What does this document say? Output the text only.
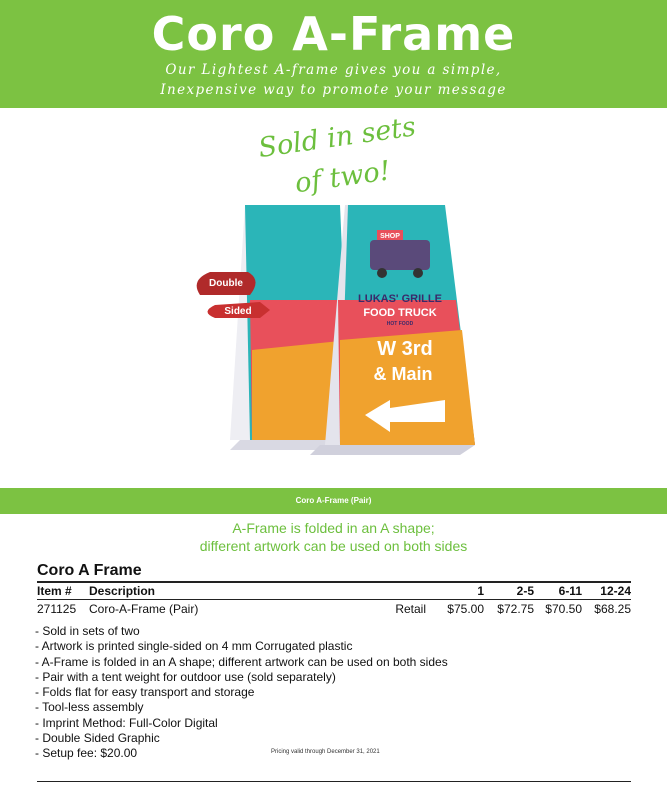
Coro A-Frame
Our Lightest A-frame gives you a simple,
Inexpensive way to promote your message
Sold in sets
of two!
SHOP
LUKAS' GRILLE
FOOD TRUCK
HOT FOOD
W 3rd
& Main
Double
Sided
Coro A-Frame (Pair)
A-Frame is folded in an A shape;
different artwork can be used on both sides
Coro A Frame
Item #	Description		1	2-5	6-11	12-24
271125	Coro-A-Frame (Pair)	Retail	$75.00	$72.75	$70.50	$68.25
- Sold in sets of two
- Artwork is printed single-sided on 4 mm Corrugated plastic
- A-Frame is folded in an A shape; different artwork can be used on both sides
- Pair with a tent weight for outdoor use (sold separately)
- Folds flat for easy transport and storage
- Tool-less assembly
- Imprint Method: Full-Color Digital
- Double Sided Graphic
- Setup fee: $20.00	Pricing valid through December 31, 2021
